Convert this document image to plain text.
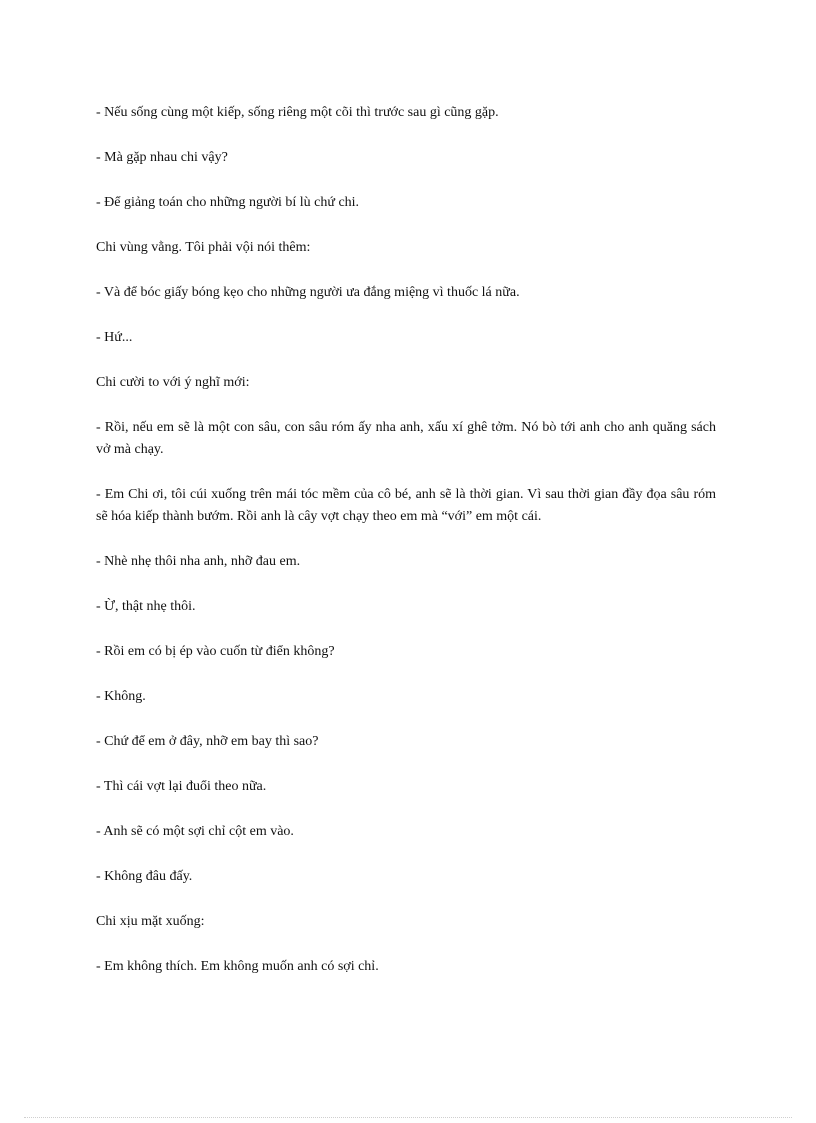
- Nếu sống cùng một kiếp, sống riêng một cõi thì trước sau gì cũng gặp.

- Mà gặp nhau chi vậy?

- Để giảng toán cho những người bí lù chứ chi.

Chi vùng vằng. Tôi phải vội nói thêm:

- Và để bóc giấy bóng kẹo cho những người ưa đắng miệng vì thuốc lá nữa.

- Hứ...

Chi cười to với ý nghĩ mới:

- Rồi, nếu em sẽ là một con sâu, con sâu róm ấy nha anh, xấu xí ghê tởm. Nó bò tới anh cho anh quăng sách vở mà chạy.

- Em Chi ơi, tôi cúi xuống trên mái tóc mềm của cô bé, anh sẽ là thời gian. Vì sau thời gian đầy đọa sâu róm sẽ hóa kiếp thành bướm. Rồi anh là cây vợt chạy theo em mà “với” em một cái.

- Nhè nhẹ thôi nha anh, nhỡ đau em.

- Ừ, thật nhẹ thôi.

- Rồi em có bị ép vào cuốn từ điển không?

- Không.

- Chứ để em ở đây, nhỡ em bay thì sao?

- Thì cái vợt lại đuổi theo nữa.

- Anh sẽ có một sợi chỉ cột em vào.

- Không đâu đấy.

Chi xịu mặt xuống:

- Em không thích. Em không muốn anh có sợi chỉ.
